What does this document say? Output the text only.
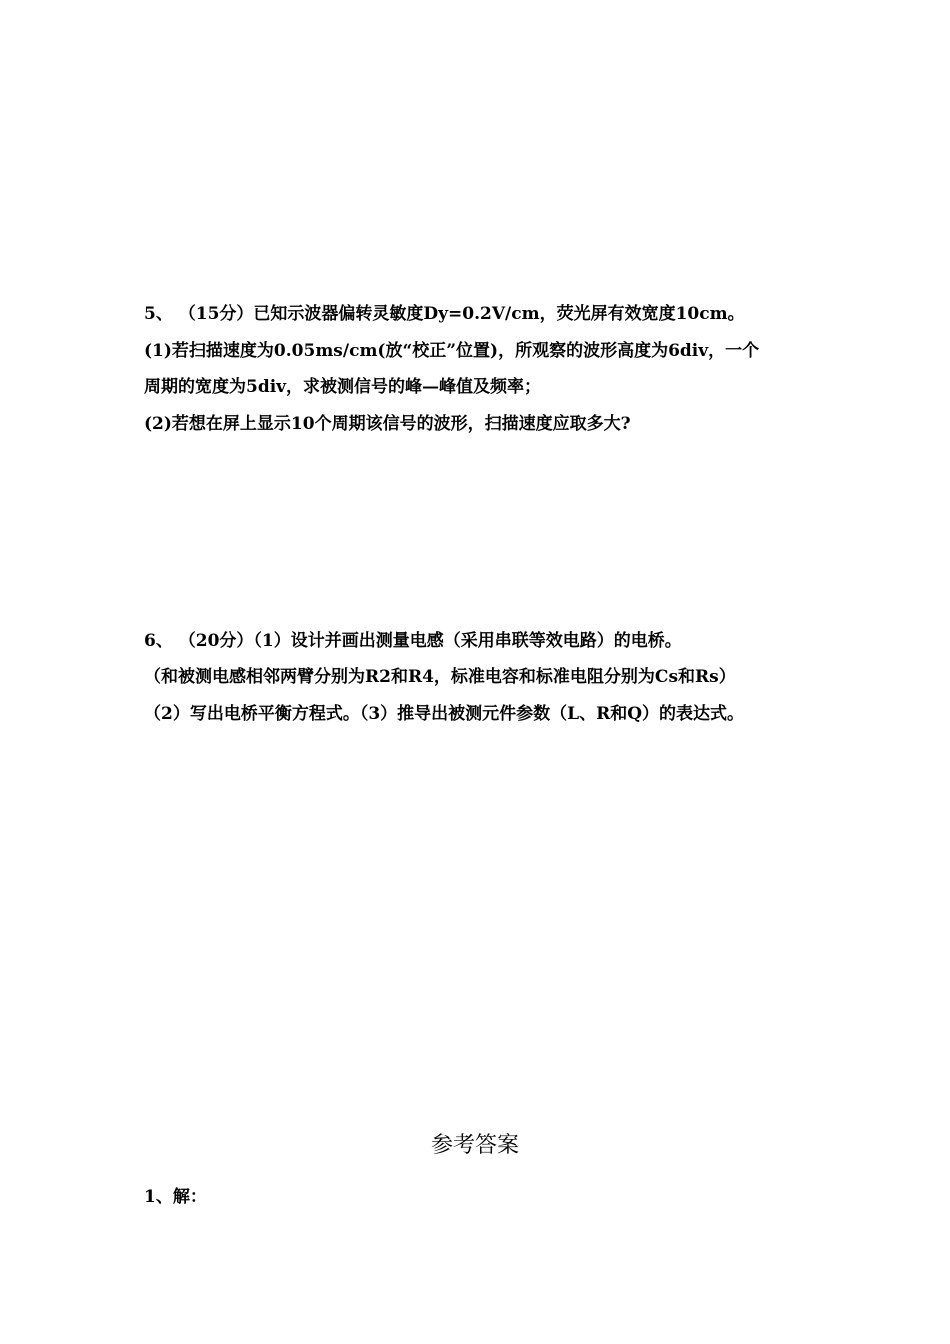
5、 （15分）已知示波器偏转灵敏度Dy=0.2V/cm，荧光屏有效宽度10cm。
(1)若扫描速度为0.05ms/cm(放“校正”位置)，所观察的波形高度为6div，一个
周期的宽度为5div，求被测信号的峰—峰值及频率；
(2)若想在屏上显示10个周期该信号的波形，扫描速度应取多大?
6、 （20分）（1）设计并画出测量电感（采用串联等效电路）的电桥。
（和被测电感相邻两臂分别为R2和R4，标准电容和标准电阻分别为Cs和Rs）
（2）写出电桥平衡方程式。（3）推导出被测元件参数（L、R和Q）的表达式。
参考答案
1、解：
